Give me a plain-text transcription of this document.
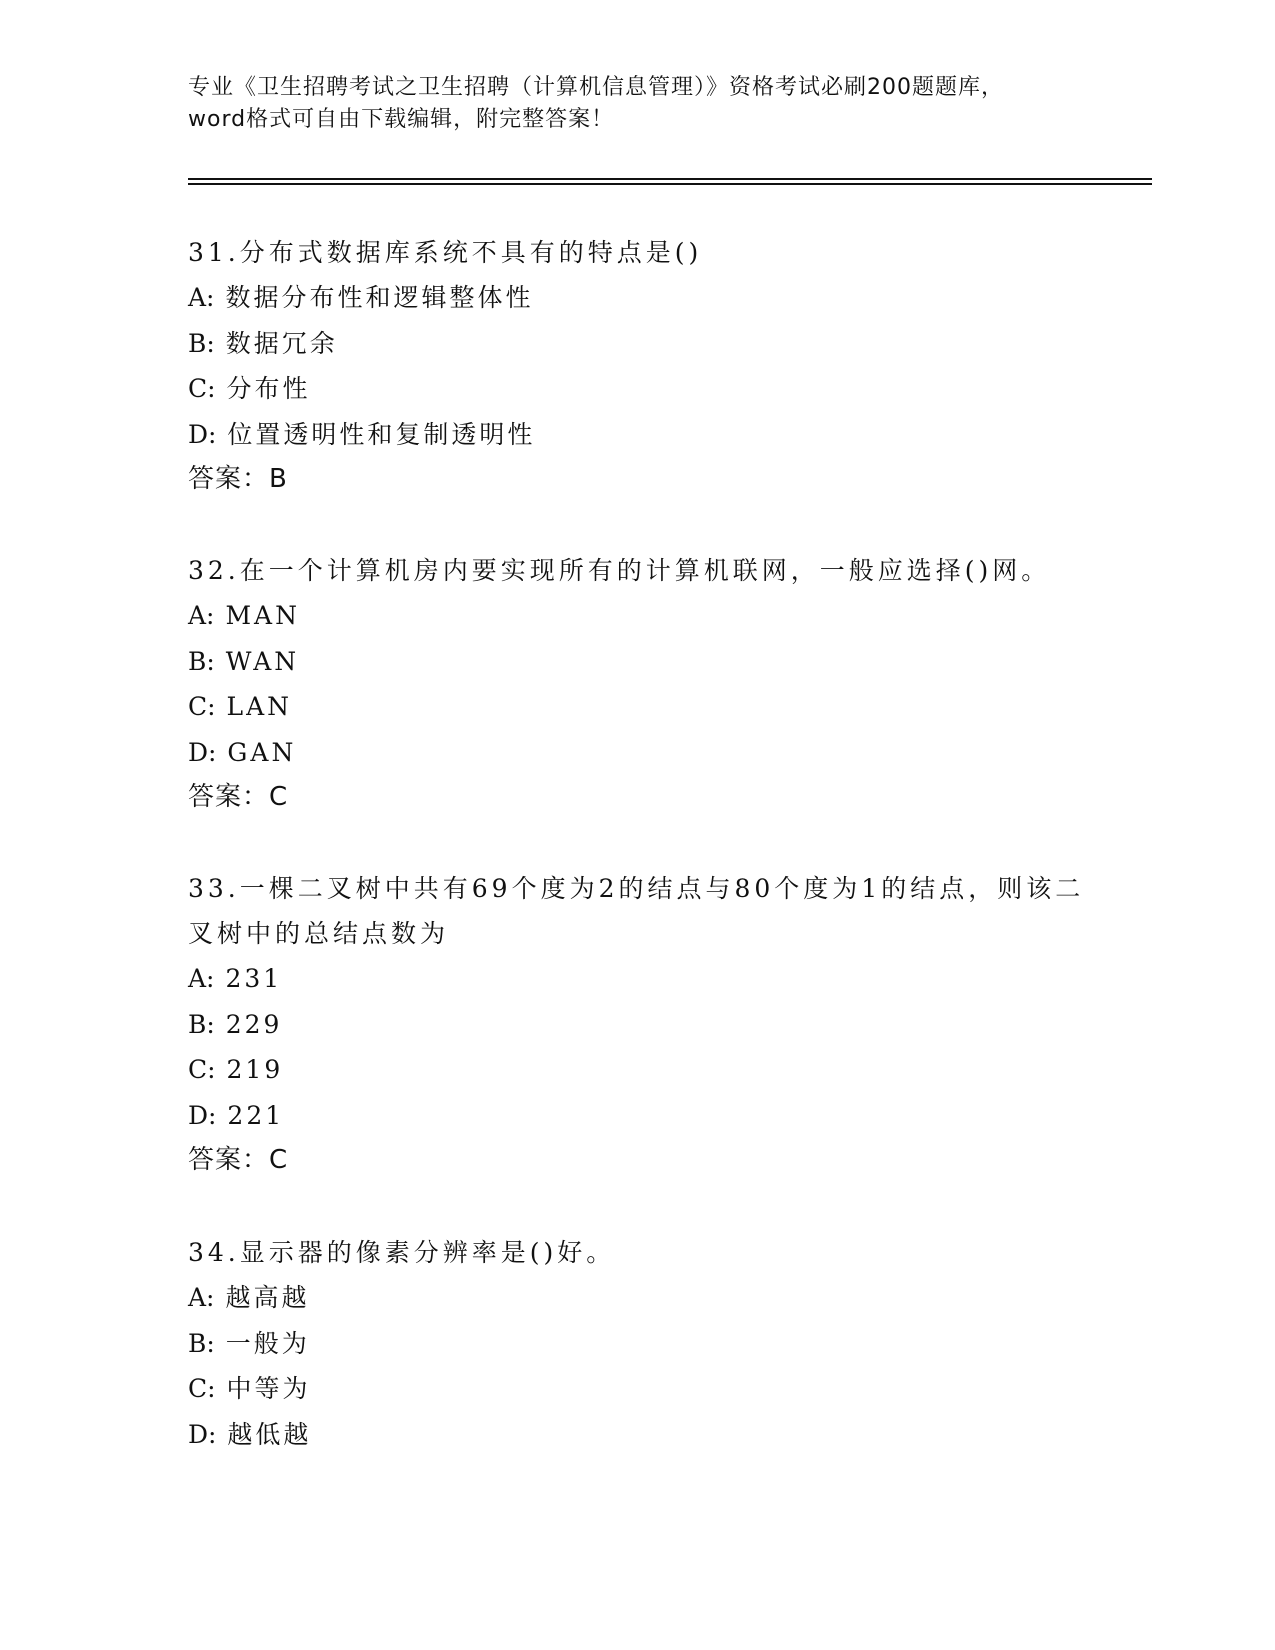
专业《卫生招聘考试之卫生招聘（计算机信息管理）》资格考试必刷200题题库，
word格式可自由下载编辑，附完整答案！

31.分布式数据库系统不具有的特点是()

A: 数据分布性和逻辑整体性
B: 数据冗余
C: 分布性
D: 位置透明性和复制透明性
答案：B

32.在一个计算机房内要实现所有的计算机联网，一般应选择()网。

A: MAN
B: WAN
C: LAN
D: GAN
答案：C

33.一棵二叉树中共有69个度为2的结点与80个度为1的结点，则该二叉树中的总结点数为

A: 231
B: 229
C: 219
D: 221
答案：C

34.显示器的像素分辨率是()好。

A: 越高越
B: 一般为
C: 中等为
D: 越低越
